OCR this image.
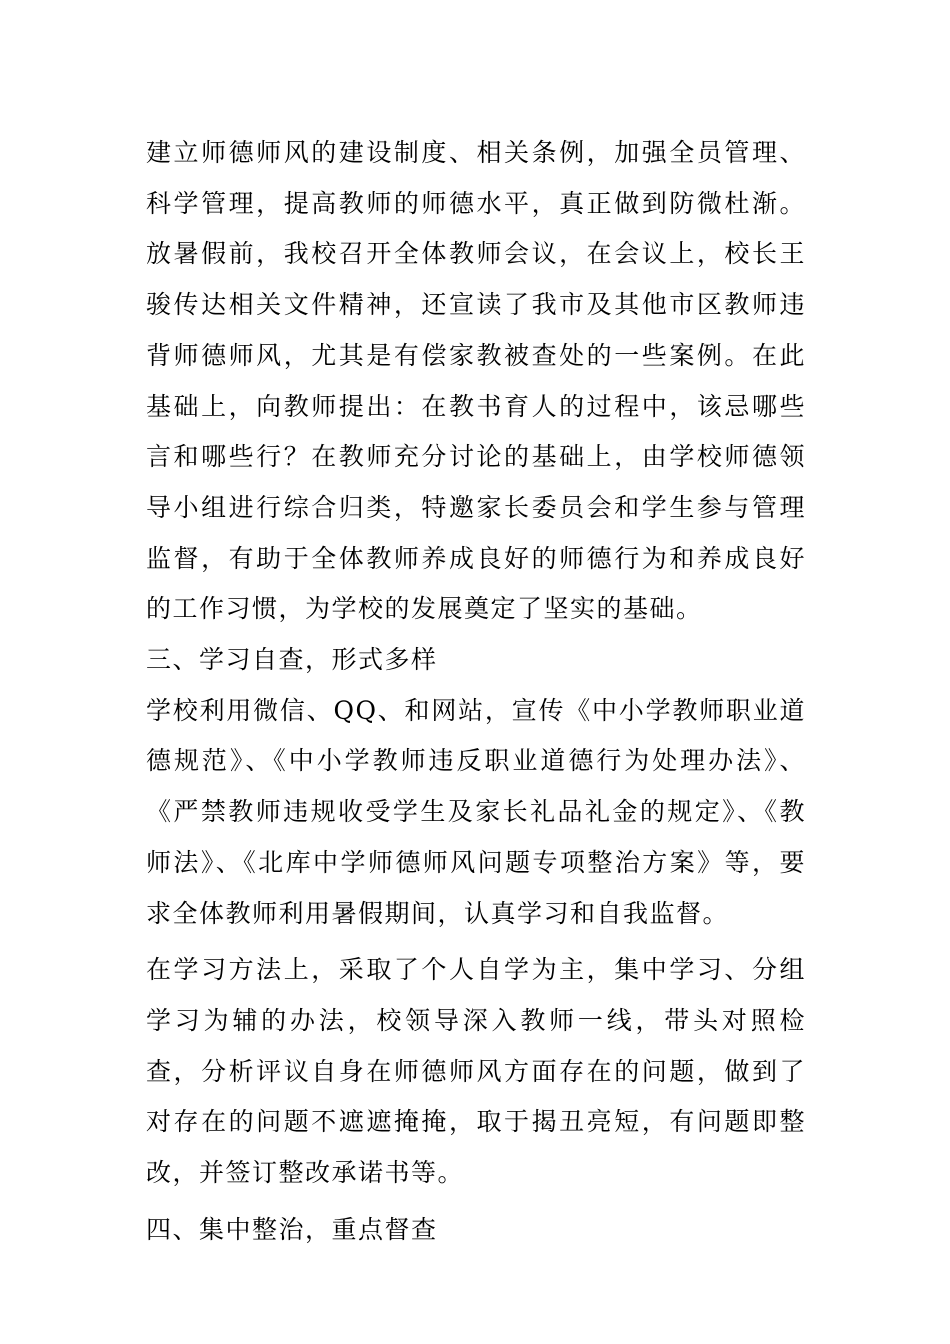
建立师德师风的建设制度、相关条例，加强全员管理、科学管理，提高教师的师德水平，真正做到防微杜渐。放暑假前，我校召开全体教师会议，在会议上，校长王骏传达相关文件精神，还宣读了我市及其他市区教师违背师德师风，尤其是有偿家教被查处的一些案例。在此基础上，向教师提出：在教书育人的过程中，该忌哪些言和哪些行？在教师充分讨论的基础上，由学校师德领导小组进行综合归类，特邀家长委员会和学生参与管理监督，有助于全体教师养成良好的师德行为和养成良好的工作习惯，为学校的发展奠定了坚实的基础。

三、学习自查，形式多样

学校利用微信、QQ、和网站，宣传《中小学教师职业道德规范》、《中小学教师违反职业道德行为处理办法》、《严禁教师违规收受学生及家长礼品礼金的规定》、《教师法》、《北库中学师德师风问题专项整治方案》等，要求全体教师利用暑假期间，认真学习和自我监督。

在学习方法上，采取了个人自学为主，集中学习、分组学习为辅的办法，校领导深入教师一线，带头对照检查，分析评议自身在师德师风方面存在的问题，做到了对存在的问题不遮遮掩掩，取于揭丑亮短，有问题即整改，并签订整改承诺书等。

四、集中整治，重点督查
